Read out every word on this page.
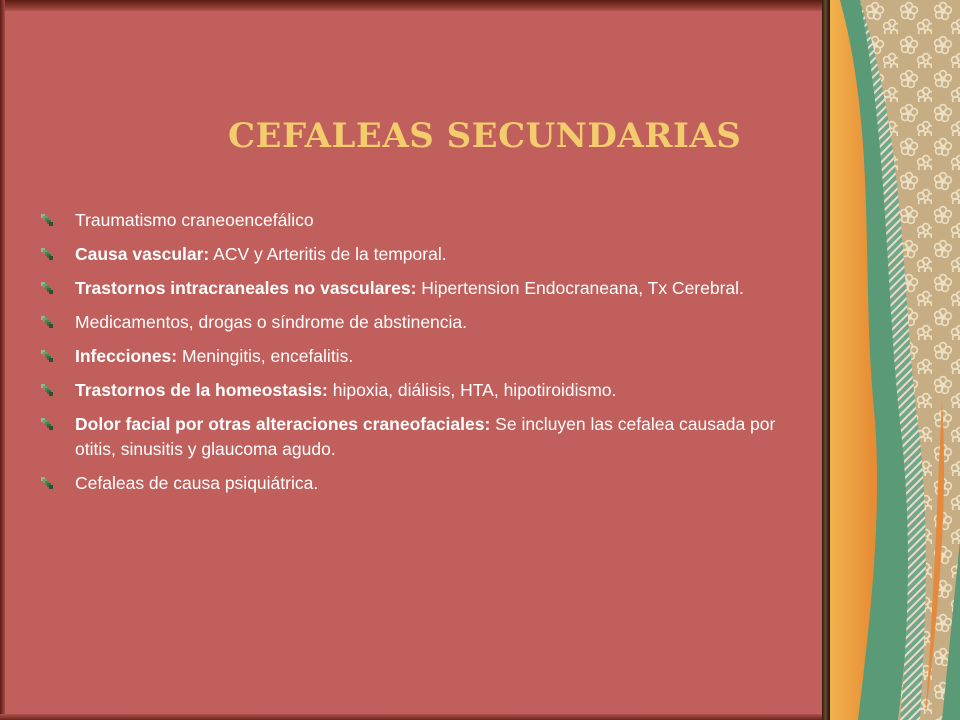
CEFALEAS SECUNDARIAS
Traumatismo craneoencefálico
Causa vascular: ACV y Arteritis de la temporal.
Trastornos intracraneales no vasculares: Hipertension Endocraneana, Tx Cerebral.
Medicamentos, drogas o síndrome de abstinencia.
Infecciones: Meningitis, encefalitis.
Trastornos de la homeostasis: hipoxia, diálisis, HTA, hipotiroidismo.
Dolor facial por otras alteraciones craneofaciales: Se incluyen las cefalea causada por otitis, sinusitis y glaucoma agudo.
Cefaleas de causa psiquiátrica.
